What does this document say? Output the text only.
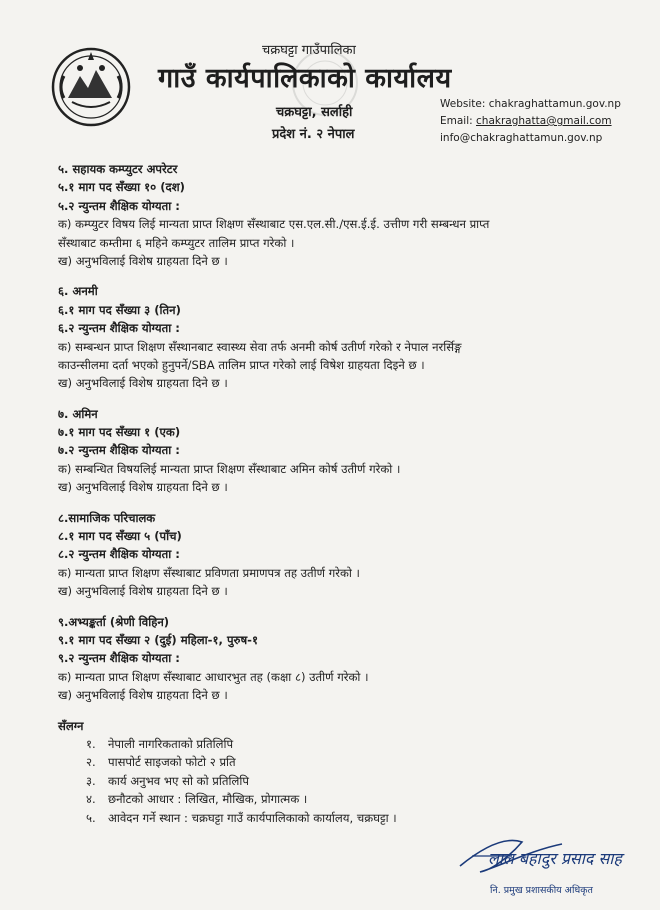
चक्रघट्टा गाउँपालिका
गाउँ कार्यपालिकाको कार्यालय
चक्रघट्टा, सर्लाही
प्रदेश नं. २ नेपाल
Website: chakraghattamun.gov.np
Email: chakraghatta@gmail.com
info@chakraghattamun.gov.np
५. सहायक कम्प्युटर अपरेटर
५.१ माग पद सँख्या १० (दश)
५.२ न्युन्तम शैक्षिक योग्यता :
क) कम्प्युटर विषय लिई मान्यता प्राप्त शिक्षण सँस्थाबाट एस.एल.सी./एस.ई.ई. उत्तीण गरी सम्बन्धन प्राप्त
सँस्थाबाट कम्तीमा ६ महिने कम्प्युटर तालिम प्राप्त गरेको ।
ख) अनुभविलाई विशेष ग्राहयता दिने छ ।
६. अनमी
६.१ माग पद सँख्या ३ (तिन)
६.२ न्युन्तम शैक्षिक योग्यता :
क) सम्बन्धन प्राप्त शिक्षण सँस्थानबाट स्वास्थ्य सेवा तर्फ अनमी कोर्ष उतीर्ण गरेको र नेपाल नरर्सिङ्ग
काउन्सीलमा दर्ता भएको हुनुपर्ने/SBA तालिम प्राप्त गरेको लाई विषेश ग्राहयता दिइने छ ।
ख) अनुभविलाई विशेष ग्राहयता दिने छ ।
७. अमिन
७.१ माग पद सँख्या १ (एक)
७.२ न्युन्तम शैक्षिक योग्यता :
क) सम्बन्धित विषयलिई मान्यता प्राप्त शिक्षण सँस्थाबाट अमिन कोर्ष उतीर्ण गरेको ।
ख) अनुभविलाई विशेष ग्राहयता दिने छ ।
८.सामाजिक परिचालक
८.१ माग पद सँख्या ५ (पाँच)
८.२ न्युन्तम शैक्षिक योग्यता :
क) मान्यता प्राप्त शिक्षण सँस्थाबाट प्रविणता प्रमाणपत्र तह उतीर्ण गरेको ।
ख) अनुभविलाई विशेष ग्राहयता दिने छ ।
९.अभ्यङ्कर्ता (श्रेणी विहिन)
९.१ माग पद सँख्या २ (दुई) महिला-१, पुरुष-१
९.२ न्युन्तम शैक्षिक योग्यता :
क) मान्यता प्राप्त शिक्षण सँस्थाबाट आधारभुत तह (कक्षा ८) उतीर्ण गरेको ।
ख) अनुभविलाई विशेष ग्राहयता दिने छ ।
सँलग्न
१. नेपाली नागरिकताको प्रतिलिपि
२. पासपोर्ट साइजको फोटो २ प्रति
३. कार्य अनुभव भए सो को प्रतिलिपि
४. छनौटको आधार : लिखित, मौखिक, प्रोगात्मक ।
५. आवेदन गर्ने स्थान : चक्रघट्टा गाउँ कार्यपालिकाको कार्यालय, चक्रघट्टा ।
लाल बहादुर प्रसाद साह
नि. प्रमुख प्रशासकीय अधिकृत
